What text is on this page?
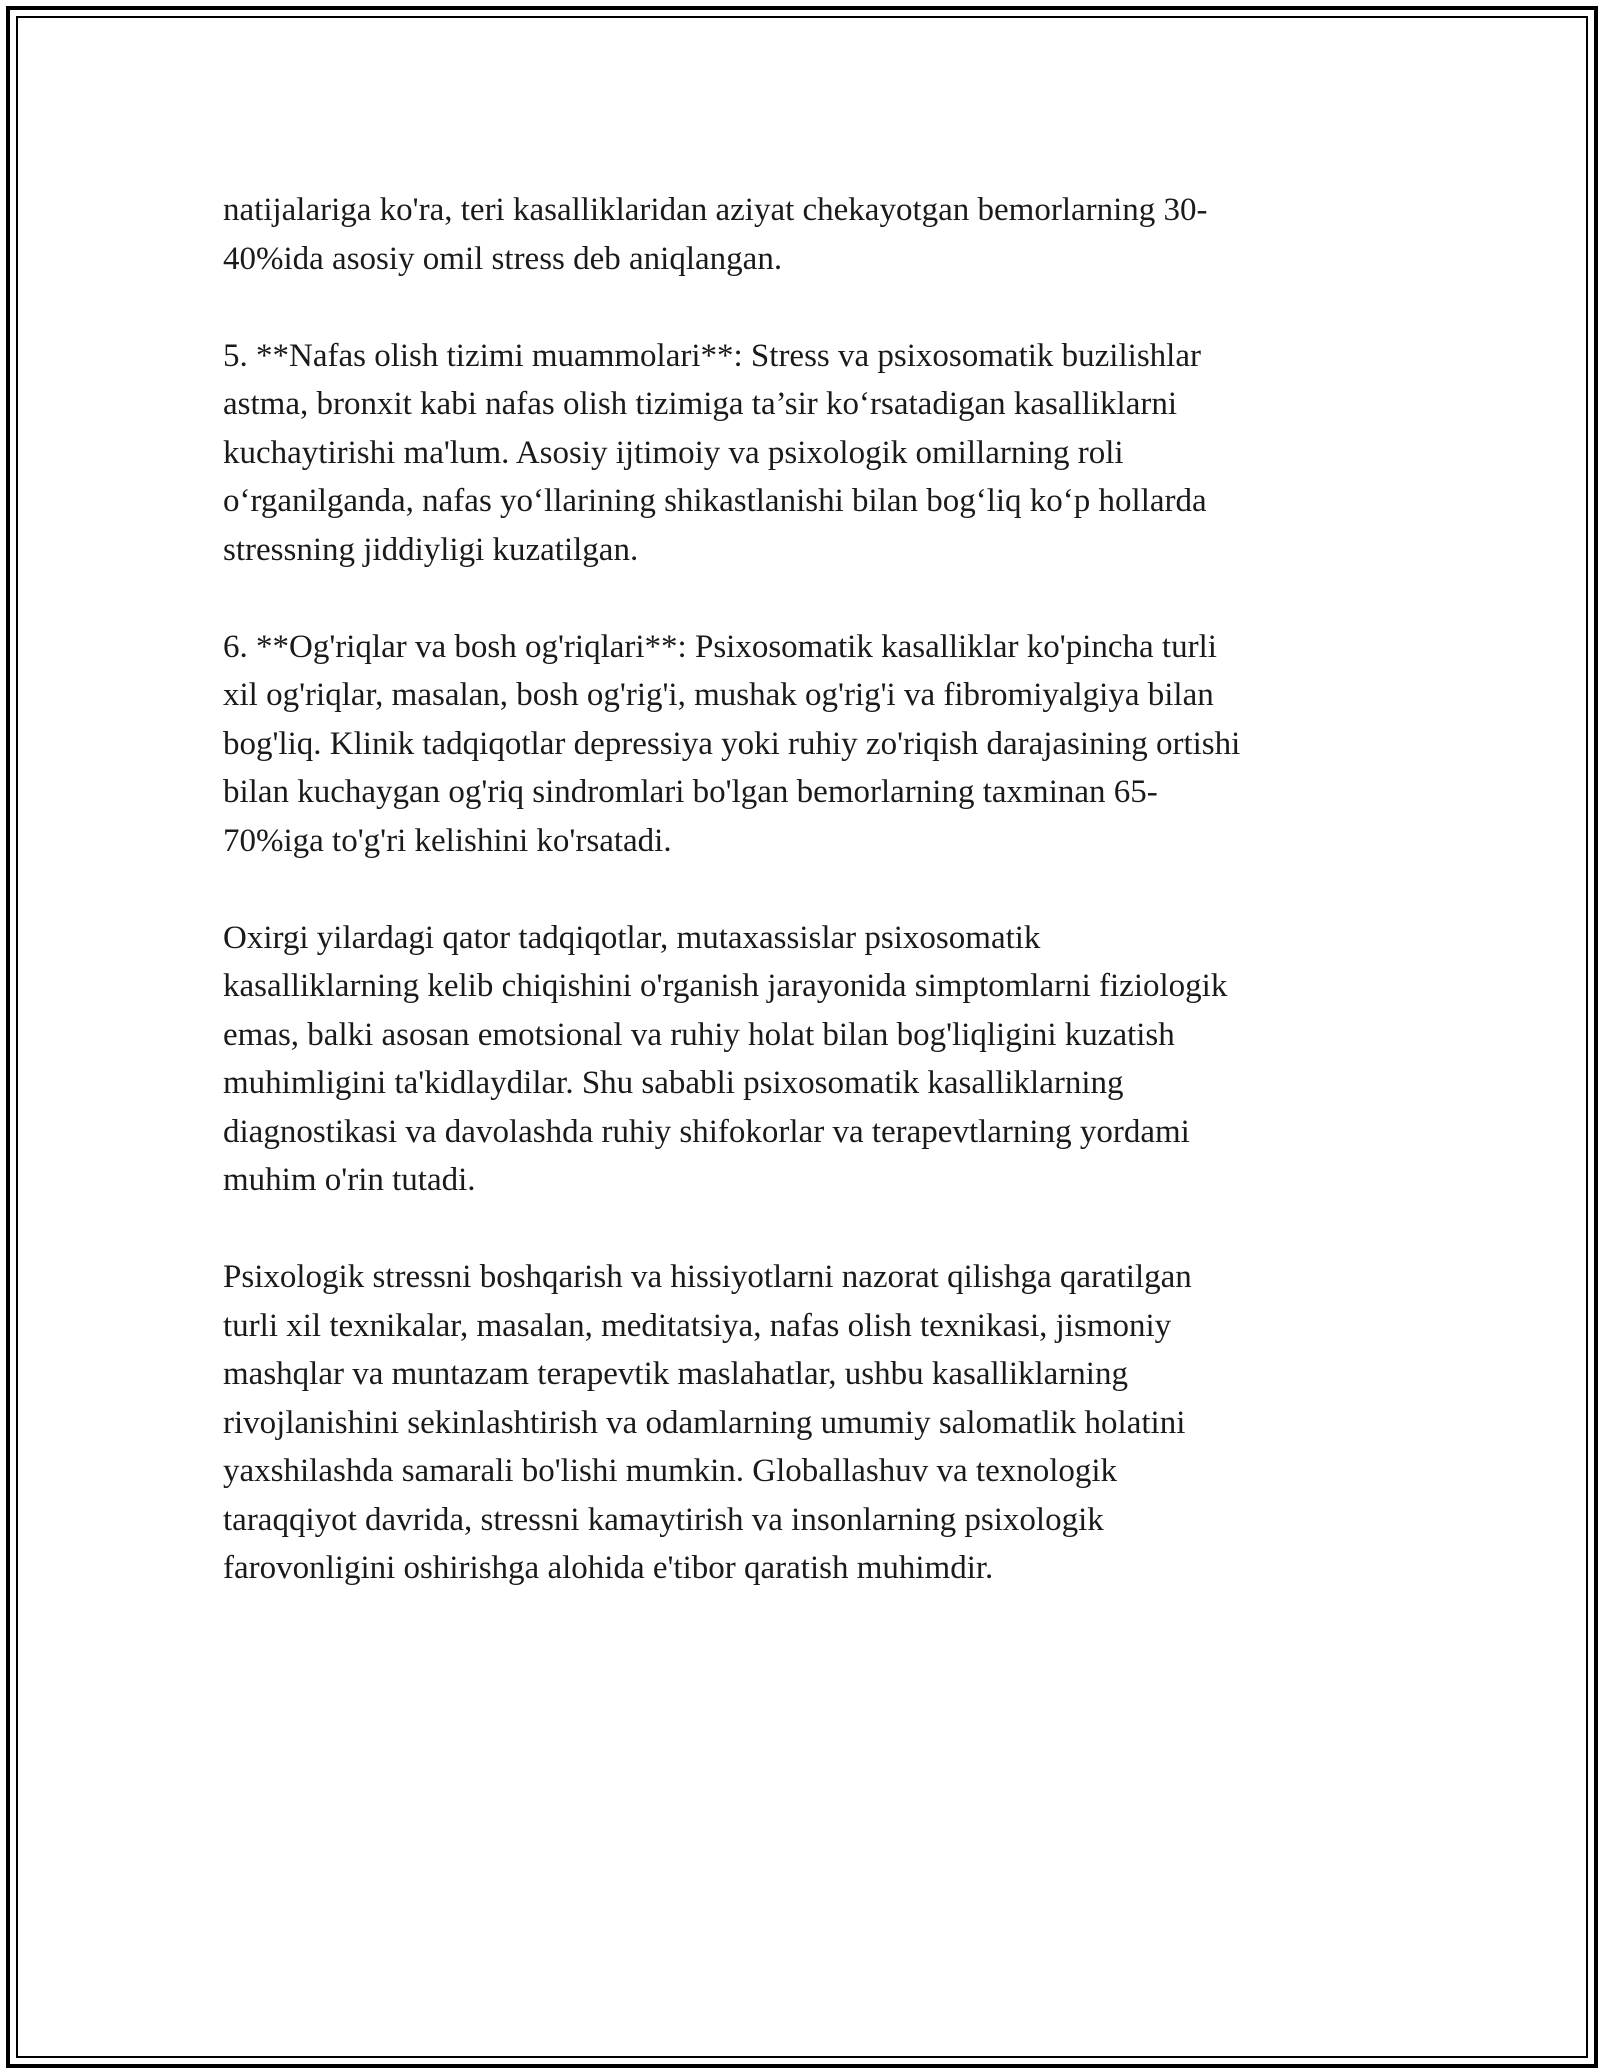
natijalariga ko'ra, teri kasalliklaridan aziyat chekayotgan bemorlarning 30-
40%ida asosiy omil stress deb aniqlangan.

5. **Nafas olish tizimi muammolari**: Stress va psixosomatik buzilishlar
astma, bronxit kabi nafas olish tizimiga ta’sir ko‘rsatadigan kasalliklarni
kuchaytirishi ma'lum. Asosiy ijtimoiy va psixologik omillarning roli
o‘rganilganda, nafas yo‘llarining shikastlanishi bilan bog‘liq ko‘p hollarda
stressning jiddiyligi kuzatilgan.

6. **Og'riqlar va bosh og'riqlari**: Psixosomatik kasalliklar ko'pincha turli
xil og'riqlar, masalan, bosh og'rig'i, mushak og'rig'i va fibromiyalgiya bilan
bog'liq. Klinik tadqiqotlar depressiya yoki ruhiy zo'riqish darajasining ortishi
bilan kuchaygan og'riq sindromlari bo'lgan bemorlarning taxminan 65-
70%iga to'g'ri kelishini ko'rsatadi.

Oxirgi yilardagi qator tadqiqotlar, mutaxassislar psixosomatik
kasalliklarning kelib chiqishini o'rganish jarayonida simptomlarni fiziologik
emas, balki asosan emotsional va ruhiy holat bilan bog'liqligini kuzatish
muhimligini ta'kidlaydilar. Shu sababli psixosomatik kasalliklarning
diagnostikasi va davolashda ruhiy shifokorlar va terapevtlarning yordami
muhim o'rin tutadi.

Psixologik stressni boshqarish va hissiyotlarni nazorat qilishga qaratilgan
turli xil texnikalar, masalan, meditatsiya, nafas olish texnikasi, jismoniy
mashqlar va muntazam terapevtik maslahatlar, ushbu kasalliklarning
rivojlanishini sekinlashtirish va odamlarning umumiy salomatlik holatini
yaxshilashda samarali bo'lishi mumkin. Globallashuv va texnologik
taraqqiyot davrida, stressni kamaytirish va insonlarning psixologik
farovonligini oshirishga alohida e'tibor qaratish muhimdir.
